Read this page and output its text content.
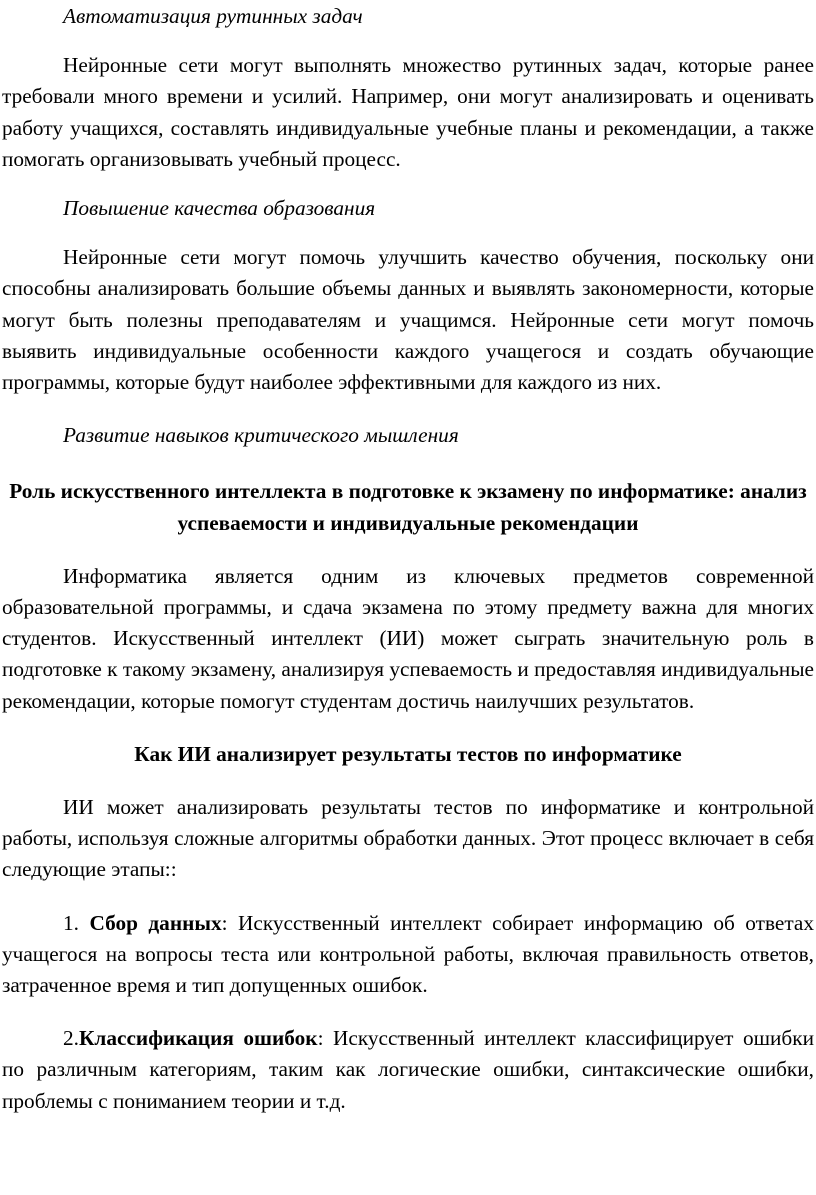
Автоматизация рутинных задач

Нейронные сети могут выполнять множество рутинных задач, которые ранее требовали много времени и усилий. Например, они могут анализировать и оценивать работу учащихся, составлять индивидуальные учебные планы и рекомендации, а также помогать организовывать учебный процесс.

Повышение качества образования

Нейронные сети могут помочь улучшить качество обучения, поскольку они способны анализировать большие объемы данных и выявлять закономерности, которые могут быть полезны преподавателям и учащимся. Нейронные сети могут помочь выявить индивидуальные особенности каждого учащегося и создать обучающие программы, которые будут наиболее эффективными для каждого из них.

Развитие навыков критического мышления

Роль искусственного интеллекта в подготовке к экзамену по информатике: анализ успеваемости и индивидуальные рекомендации

Информатика является одним из ключевых предметов современной образовательной программы, и сдача экзамена по этому предмету важна для многих студентов. Искусственный интеллект (ИИ) может сыграть значительную роль в подготовке к такому экзамену, анализируя успеваемость и предоставляя индивидуальные рекомендации, которые помогут студентам достичь наилучших результатов.

Как ИИ анализирует результаты тестов по информатике

ИИ может анализировать результаты тестов по информатике и контрольной работы, используя сложные алгоритмы обработки данных. Этот процесс включает в себя следующие этапы::

1. Сбор данных: Искусственный интеллект собирает информацию об ответах учащегося на вопросы теста или контрольной работы, включая правильность ответов, затраченное время и тип допущенных ошибок.

2.Классификация ошибок: Искусственный интеллект классифицирует ошибки по различным категориям, таким как логические ошибки, синтаксические ошибки, проблемы с пониманием теории и т.д.
